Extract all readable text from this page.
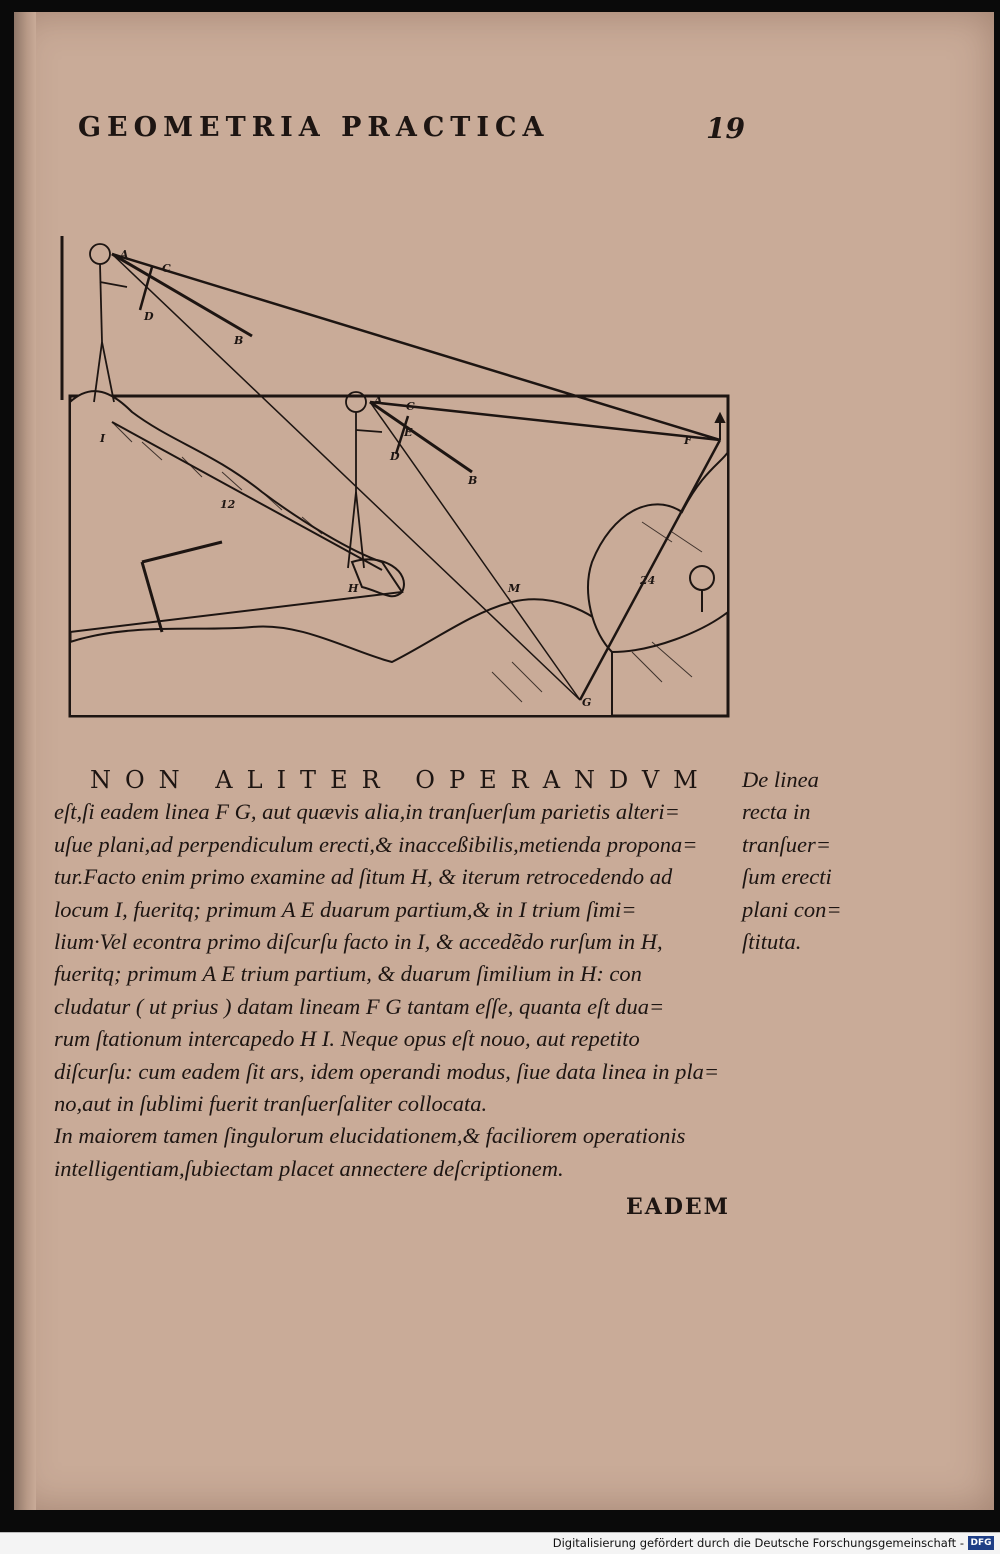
GEOMETRIA PRACTICA	19
A
C
D
B
A C
E
D
B
F
G
H
I
M
12
24
NON ALITER OPERANDVM
eſt,ſi eadem linea F G, aut quævis alia,in tranſuerſum parietis alteri=
uſue plani,ad perpendiculum erecti,& inacceßibilis,metienda propona=
tur.Facto enim primo examine ad ſitum H, & iterum retrocedendo ad
locum I, fueritq; primum A E duarum partium,& in I trium ſimi=
lium·Vel econtra primo diſcurſu facto in I, & accedẽdo rurſum in H,
fueritq; primum A E trium partium, & duarum ſimilium in H: con
cludatur ( ut prius ) datam lineam F G tantam eſſe, quanta eſt dua=
rum ſtationum intercapedo H I. Neque opus eſt nouo, aut repetito
diſcurſu: cum eadem ſit ars, idem operandi modus, ſiue data linea in pla=
no,aut in ſublimi fuerit tranſuerſaliter collocata.
In maiorem tamen ſingulorum elucidationem,& faciliorem operationis
intelligentiam,ſubiectam placet annectere deſcriptionem.
De linea
recta in
tranſuer=
ſum erecti
plani con=
ſtituta.
EADEM
Digitalisierung gefördert durch die Deutsche Forschungsgemeinschaft - DFG
